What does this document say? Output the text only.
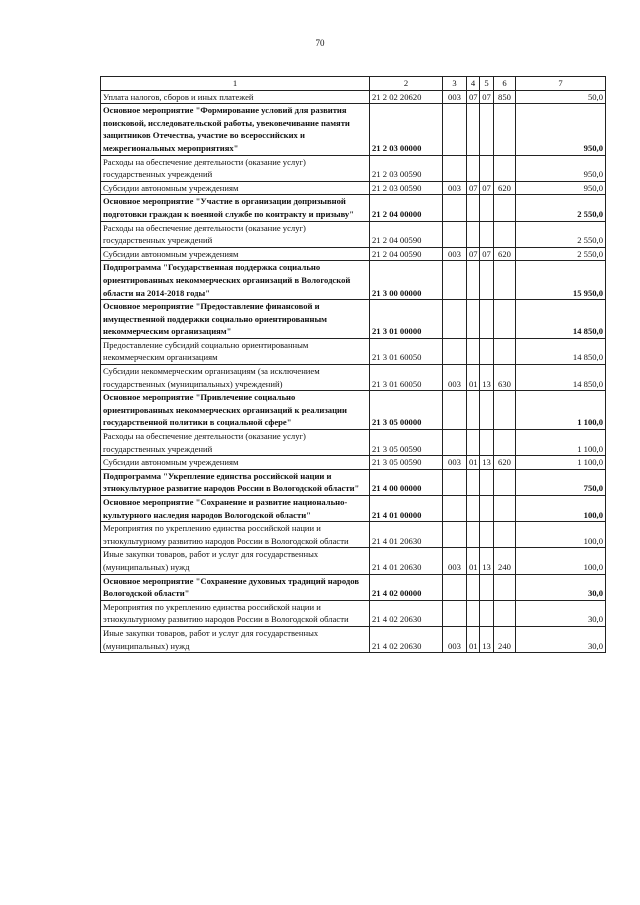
70
1	2	3	4	5	6	7
Уплата налогов, сборов и иных платежей	21 2 02 20620	003	07	07	850	50,0
Основное мероприятие "Формирование условий для развития поисковой, исследовательской работы, увековечивание памяти защитников Отечества, участие во всероссийских и межрегиональных мероприятиях"	21 2 03 00000					950,0
Расходы на обеспечение деятельности (оказание услуг) государственных учреждений	21 2 03 00590					950,0
Субсидии автономным учреждениям	21 2 03 00590	003	07	07	620	950,0
Основное мероприятие "Участие в организации допризывной подготовки граждан к военной службе по контракту и призыву"	21 2 04 00000					2 550,0
Расходы на обеспечение деятельности (оказание услуг) государственных учреждений	21 2 04 00590					2 550,0
Субсидии автономным учреждениям	21 2 04 00590	003	07	07	620	2 550,0
Подпрограмма "Государственная поддержка социально ориентированных некоммерческих организаций в Вологодской области на 2014-2018 годы"	21 3 00 00000					15 950,0
Основное мероприятие "Предоставление финансовой и имущественной поддержки социально ориентированным некоммерческим организациям"	21 3 01 00000					14 850,0
Предоставление субсидий социально ориентированным некоммерческим организациям	21 3 01 60050					14 850,0
Субсидии некоммерческим организациям (за исключением государственных (муниципальных) учреждений)	21 3 01 60050	003	01	13	630	14 850,0
Основное мероприятие "Привлечение социально ориентированных некоммерческих организаций к реализации государственной политики в социальной сфере"	21 3 05 00000					1 100,0
Расходы на обеспечение деятельности (оказание услуг) государственных учреждений	21 3 05 00590					1 100,0
Субсидии автономным учреждениям	21 3 05 00590	003	01	13	620	1 100,0
Подпрограмма "Укрепление единства российской нации и этнокультурное развитие народов России в Вологодской области"	21 4 00 00000					750,0
Основное мероприятие "Сохранение и развитие национально-культурного наследия народов Вологодской области"	21 4 01 00000					100,0
Мероприятия по укреплению единства российской нации и этнокультурному развитию народов России в Вологодской области	21 4 01 20630					100,0
Иные закупки товаров, работ и услуг для государственных (муниципальных) нужд	21 4 01 20630	003	01	13	240	100,0
Основное мероприятие "Сохранение духовных традиций народов Вологодской области"	21 4 02 00000					30,0
Мероприятия по укреплению единства российской нации и этнокультурному развитию народов России в Вологодской области	21 4 02 20630					30,0
Иные закупки товаров, работ и услуг для государственных (муниципальных) нужд	21 4 02 20630	003	01	13	240	30,0
